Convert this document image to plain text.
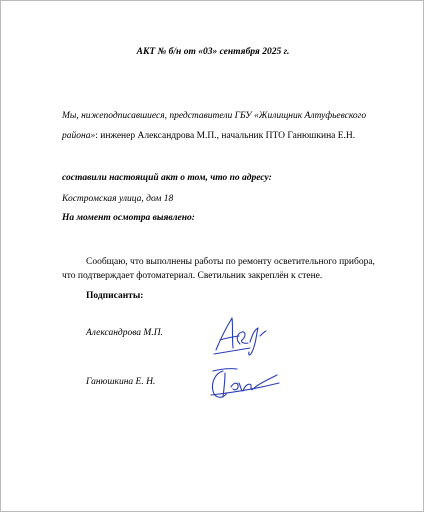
АКТ № б/н от «03» сентября 2025 г.
Мы, нижеподписавшиеся, представители ГБУ «Жилищник Алтуфьевского
района»: инженер Александрова М.П., начальник ПТО Ганюшкина Е.Н.
составили настоящий акт о том, что по адресу:
Костромская улица, дом 18
На момент осмотра выявлено:
Сообщаю, что выполнены работы по ремонту осветительного прибора,
что подтверждает фотоматериал. Светильник закреплён к стене.
Подписанты:
Александрова М.П.
Ганюшкина Е. Н.
